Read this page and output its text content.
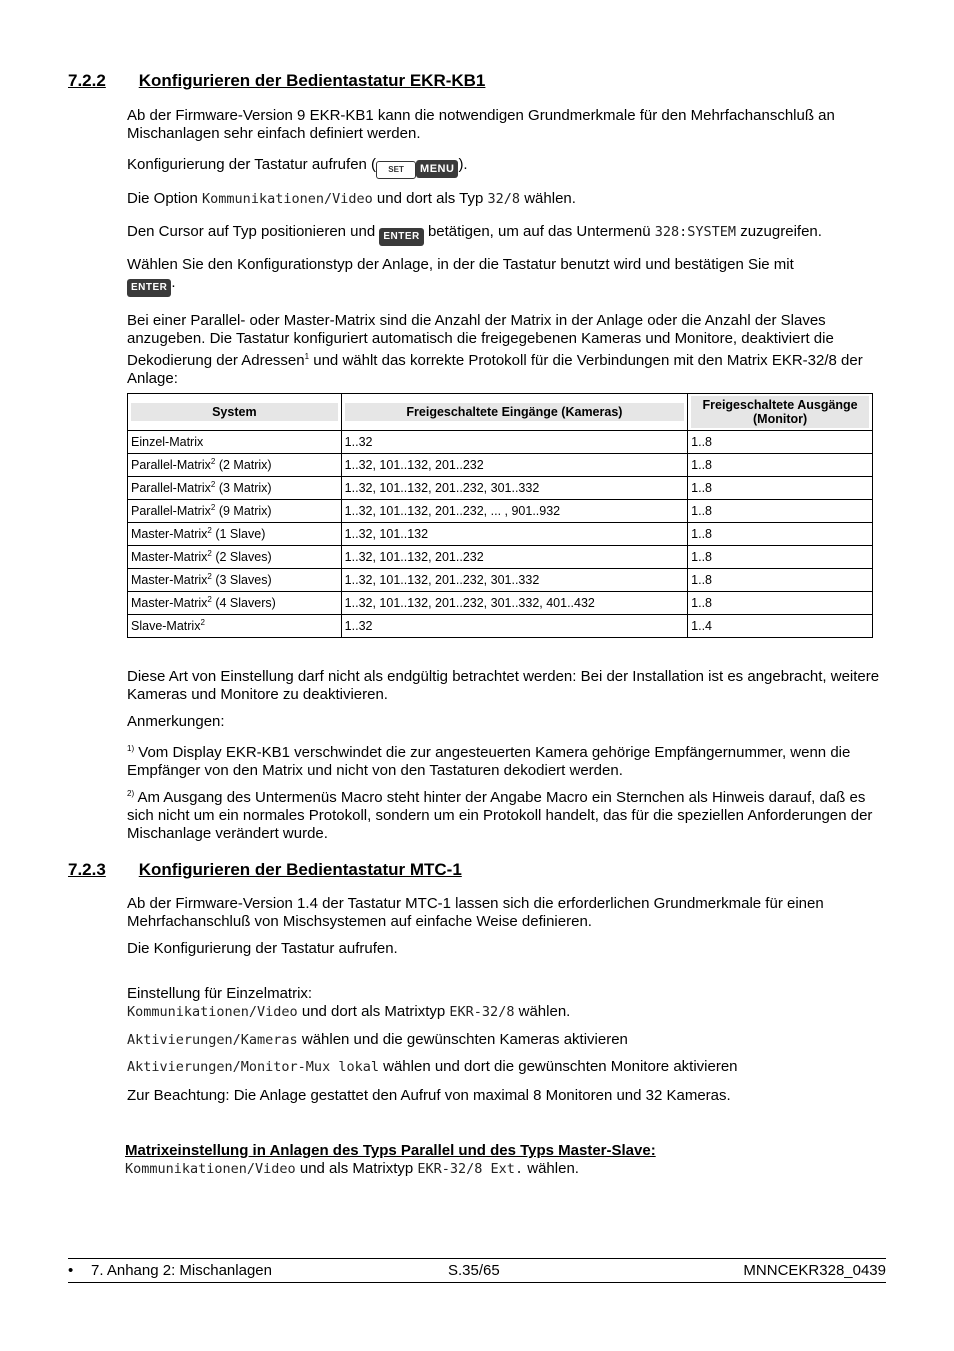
7.2.2 Konfigurieren der Bedientastatur EKR-KB1

Ab der Firmware-Version 9 EKR-KB1 kann die notwendigen Grundmerkmale für den Mehrfachanschluß an Mischanlagen sehr einfach definiert werden.

Konfigurierung der Tastatur aufrufen ( SET MENU ).

Die Option Kommunikationen/Video und dort als Typ 32/8 wählen.

Den Cursor auf Typ positionieren und ENTER betätigen, um auf das Untermenü 328:SYSTEM zuzugreifen.

Wählen Sie den Konfigurationstyp der Anlage, in der die Tastatur benutzt wird und bestätigen Sie mit
ENTER .

Bei einer Parallel- oder Master-Matrix sind die Anzahl der Matrix in der Anlage oder die Anzahl der Slaves anzugeben. Die Tastatur konfiguriert automatisch die freigegebenen Kameras und Monitore, deaktiviert die Dekodierung der Adressen$^1$ und wählt das korrekte Protokoll für die Verbindungen mit den Matrix EKR-32/8 der Anlage:

System	Freigeschaltete Eingänge (Kameras)	Freigeschaltete Ausgänge (Monitor)

Einzel-Matrix	1..32	1..8
Parallel-Matrix$^2$ (2 Matrix)	1..32, 101..132, 201..232	1..8
Parallel-Matrix$^2$ (3 Matrix)	1..32, 101..132, 201..232, 301..332	1..8
Parallel-Matrix$^2$ (9 Matrix)	1..32, 101..132, 201..232, ... , 901..932	1..8
Master-Matrix$^2$ (1 Slave)	1..32, 101..132	1..8
Master-Matrix$^2$ (2 Slaves)	1..32, 101..132, 201..232	1..8
Master-Matrix$^2$ (3 Slaves)	1..32, 101..132, 201..232, 301..332	1..8
Master-Matrix$^2$ (4 Slavers)	1..32, 101..132, 201..232, 301..332, 401..432	1..8
Slave-Matrix$^2$	1..32	1..4

Diese Art von Einstellung darf nicht als endgültig betrachtet werden: Bei der Installation ist es angebracht, weitere Kameras und Monitore zu deaktivieren.

Anmerkungen:

$^{1)}$ Vom Display EKR-KB1 verschwindet die zur angesteuerten Kamera gehörige Empfängernummer, wenn die Empfänger von den Matrix und nicht von den Tastaturen dekodiert werden.

$^{2)}$ Am Ausgang des Untermenüs Macro steht hinter der Angabe Macro ein Sternchen als Hinweis darauf, daß es sich nicht um ein normales Protokoll, sondern um ein Protokoll handelt, das für die speziellen Anforderungen der Mischanlage verändert wurde.

7.2.3 Konfigurieren der Bedientastatur MTC-1

Ab der Firmware-Version 1.4 der Tastatur MTC-1 lassen sich die erforderlichen Grundmerkmale für einen Mehrfachanschluß von Mischsystemen auf einfache Weise definieren.

Die Konfigurierung der Tastatur aufrufen.

Einstellung für Einzelmatrix:
Kommunikationen/Video und dort als Matrixtyp EKR-32/8 wählen.

Aktivierungen/Kameras wählen und die gewünschten Kameras aktivieren

Aktivierungen/Monitor-Mux lokal wählen und dort die gewünschten Monitore aktivieren

Zur Beachtung: Die Anlage gestattet den Aufruf von maximal 8 Monitoren und 32 Kameras.

Matrixeinstellung in Anlagen des Typs Parallel und des Typs Master-Slave:
Kommunikationen/Video und als Matrixtyp EKR-32/8 Ext. wählen.

• 7. Anhang 2: Mischanlagen	S.35/65	MNNCEKR328_0439
